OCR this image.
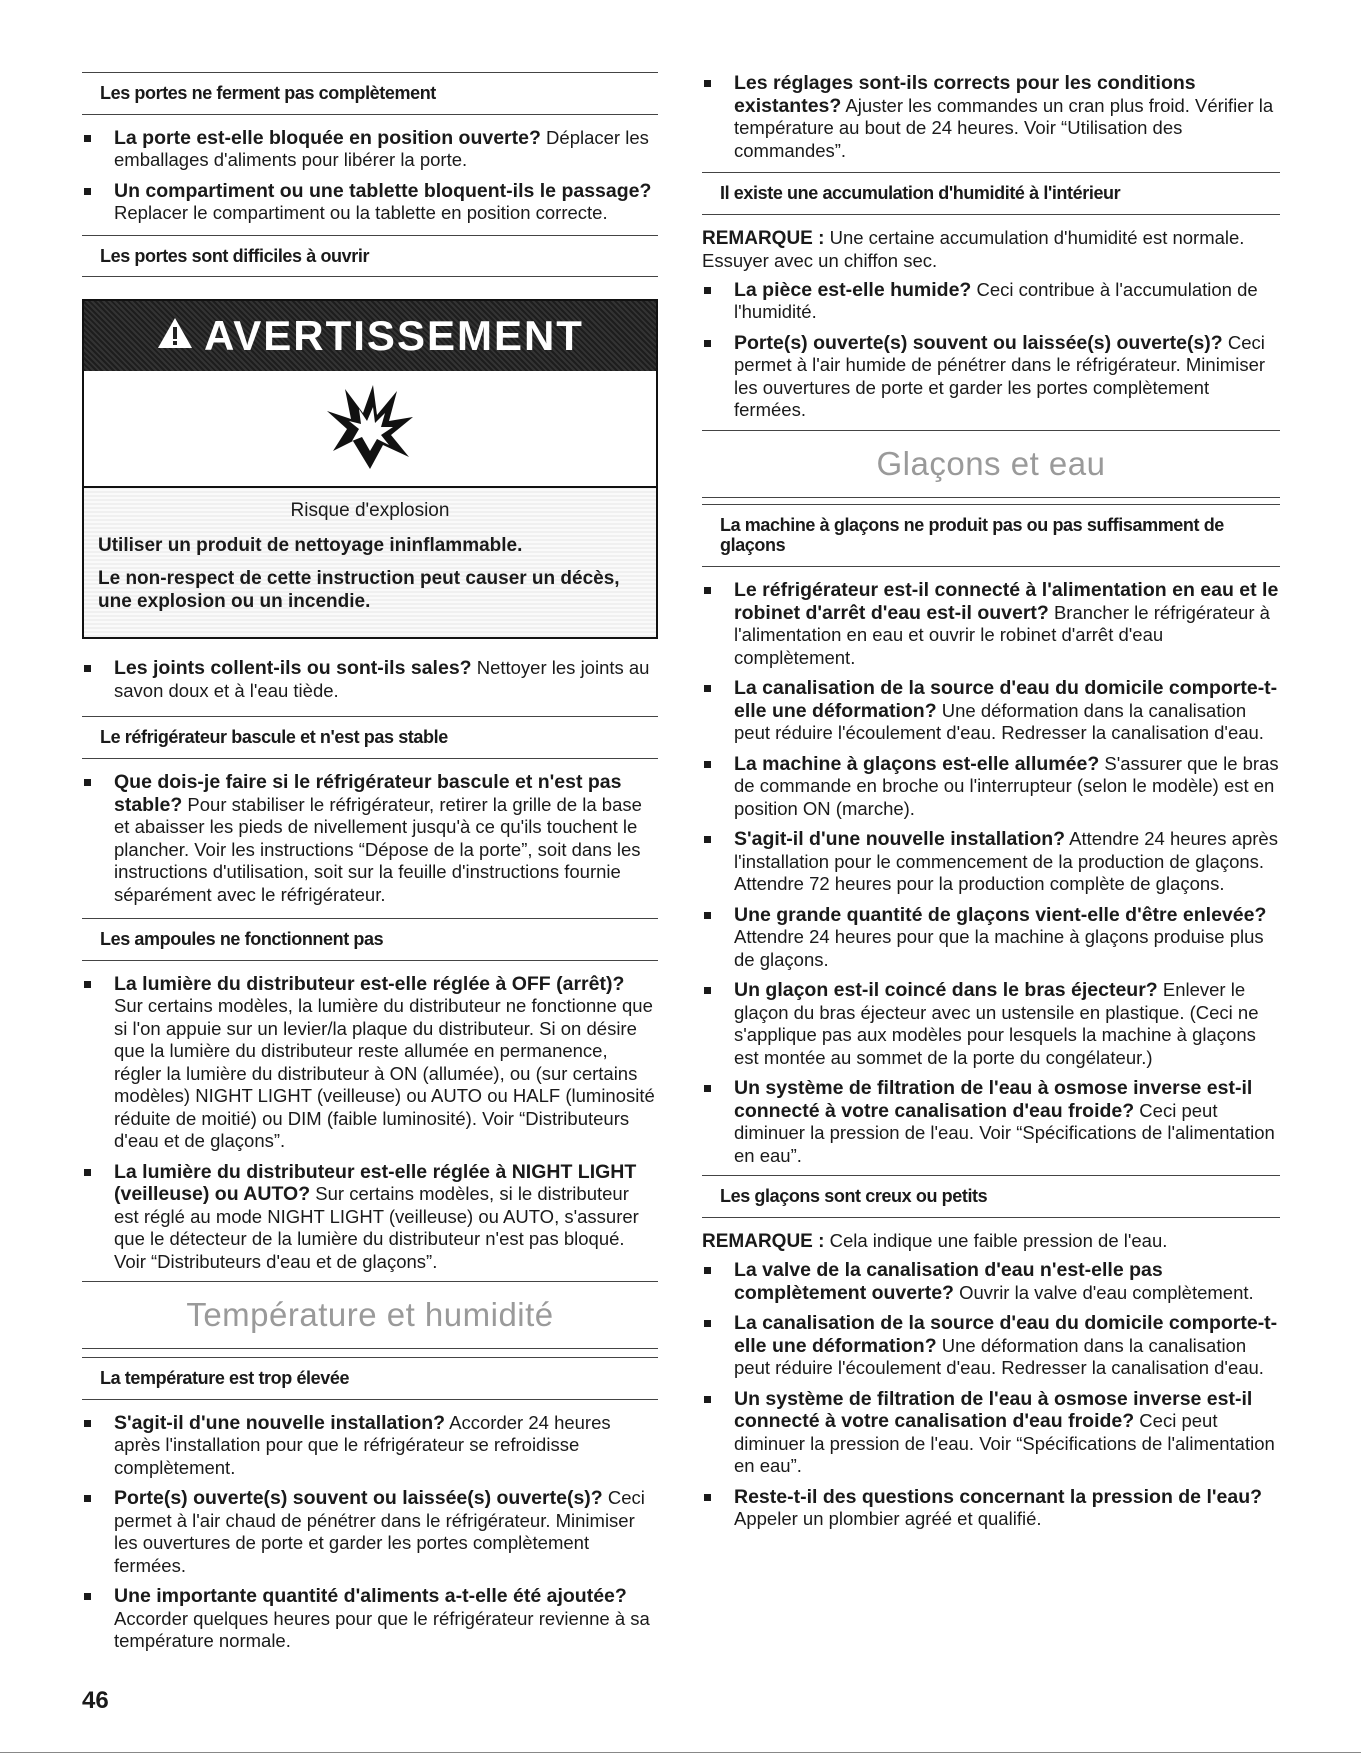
Les portes ne ferment pas complètement
La porte est-elle bloquée en position ouverte? Déplacer les emballages d'aliments pour libérer la porte.
Un compartiment ou une tablette bloquent-ils le passage? Replacer le compartiment ou la tablette en position correcte.
Les portes sont difficiles à ouvrir
AVERTISSEMENT
Risque d'explosion
Utiliser un produit de nettoyage ininflammable.
Le non-respect de cette instruction peut causer un décès, une explosion ou un incendie.
Les joints collent-ils ou sont-ils sales? Nettoyer les joints au savon doux et à l'eau tiède.
Le réfrigérateur bascule et n'est pas stable
Que dois-je faire si le réfrigérateur bascule et n'est pas stable? Pour stabiliser le réfrigérateur, retirer la grille de la base et abaisser les pieds de nivellement jusqu'à ce qu'ils touchent le plancher. Voir les instructions “Dépose de la porte”, soit dans les instructions d'utilisation, soit sur la feuille d'instructions fournie séparément avec le réfrigérateur.
Les ampoules ne fonctionnent pas
La lumière du distributeur est-elle réglée à OFF (arrêt)? Sur certains modèles, la lumière du distributeur ne fonctionne que si l'on appuie sur un levier/la plaque du distributeur. Si on désire que la lumière du distributeur reste allumée en permanence, régler la lumière du distributeur à ON (allumée), ou (sur certains modèles) NIGHT LIGHT (veilleuse) ou AUTO ou HALF (luminosité réduite de moitié) ou DIM (faible luminosité). Voir “Distributeurs d'eau et de glaçons”.
La lumière du distributeur est-elle réglée à NIGHT LIGHT (veilleuse) ou AUTO? Sur certains modèles, si le distributeur est réglé au mode NIGHT LIGHT (veilleuse) ou AUTO, s'assurer que le détecteur de la lumière du distributeur n'est pas bloqué. Voir “Distributeurs d'eau et de glaçons”.
Température et humidité
La température est trop élevée
S'agit-il d'une nouvelle installation? Accorder 24 heures après l'installation pour que le réfrigérateur se refroidisse complètement.
Porte(s) ouverte(s) souvent ou laissée(s) ouverte(s)? Ceci permet à l'air chaud de pénétrer dans le réfrigérateur. Minimiser les ouvertures de porte et garder les portes complètement fermées.
Une importante quantité d'aliments a-t-elle été ajoutée? Accorder quelques heures pour que le réfrigérateur revienne à sa température normale.
Les réglages sont-ils corrects pour les conditions existantes? Ajuster les commandes un cran plus froid. Vérifier la température au bout de 24 heures. Voir “Utilisation des commandes”.
Il existe une accumulation d'humidité à l'intérieur

REMARQUE : Une certaine accumulation d'humidité est normale. Essuyer avec un chiffon sec.

La pièce est-elle humide? Ceci contribue à l'accumulation de l'humidité.
Porte(s) ouverte(s) souvent ou laissée(s) ouverte(s)? Ceci permet à l'air humide de pénétrer dans le réfrigérateur. Minimiser les ouvertures de porte et garder les portes complètement fermées.
Glaçons et eau
La machine à glaçons ne produit pas ou pas suffisamment de glaçons
Le réfrigérateur est-il connecté à l'alimentation en eau et le robinet d'arrêt d'eau est-il ouvert? Brancher le réfrigérateur à l'alimentation en eau et ouvrir le robinet d'arrêt d'eau complètement.
La canalisation de la source d'eau du domicile comporte-t-elle une déformation? Une déformation dans la canalisation peut réduire l'écoulement d'eau. Redresser la canalisation d'eau.
La machine à glaçons est-elle allumée? S'assurer que le bras de commande en broche ou l'interrupteur (selon le modèle) est en position ON (marche).
S'agit-il d'une nouvelle installation? Attendre 24 heures après l'installation pour le commencement de la production de glaçons. Attendre 72 heures pour la production complète de glaçons.
Une grande quantité de glaçons vient-elle d'être enlevée? Attendre 24 heures pour que la machine à glaçons produise plus de glaçons.
Un glaçon est-il coincé dans le bras éjecteur? Enlever le glaçon du bras éjecteur avec un ustensile en plastique. (Ceci ne s'applique pas aux modèles pour lesquels la machine à glaçons est montée au sommet de la porte du congélateur.)
Un système de filtration de l'eau à osmose inverse est-il connecté à votre canalisation d'eau froide? Ceci peut diminuer la pression de l'eau. Voir “Spécifications de l'alimentation en eau”.
Les glaçons sont creux ou petits

REMARQUE : Cela indique une faible pression de l'eau.

La valve de la canalisation d'eau n'est-elle pas complètement ouverte? Ouvrir la valve d'eau complètement.
La canalisation de la source d'eau du domicile comporte-t-elle une déformation? Une déformation dans la canalisation peut réduire l'écoulement d'eau. Redresser la canalisation d'eau.
Un système de filtration de l'eau à osmose inverse est-il connecté à votre canalisation d'eau froide? Ceci peut diminuer la pression de l'eau. Voir “Spécifications de l'alimentation en eau”.
Reste-t-il des questions concernant la pression de l'eau? Appeler un plombier agréé et qualifié.
46
